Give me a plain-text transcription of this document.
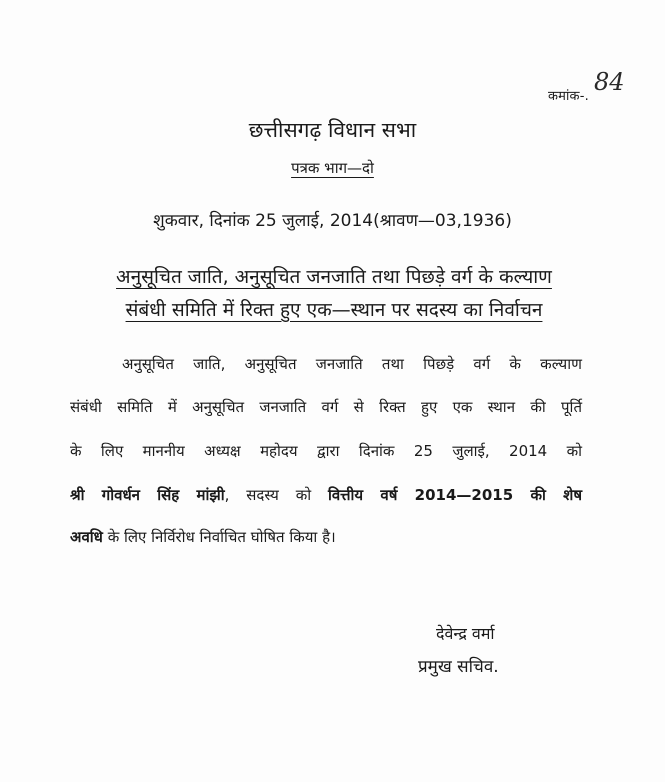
कमांक-.
84
छत्तीसगढ़ विधान सभा
पत्रक भाग—दो
शुकवार, दिनांक 25 जुलाई, 2014(श्रावण—03,1936)
अनुसूचित जाति, अनुसूचित जनजाति तथा पिछड़े वर्ग के कल्याण
संबंधी समिति में रिक्त हुए एक—स्थान पर सदस्य का निर्वाचन
अनुसूचित जाति, अनुसूचित जनजाति तथा पिछड़े वर्ग के कल्याण
संबंधी समिति में अनुसूचित जनजाति वर्ग से रिक्त हुए एक स्थान की पूर्ति
के लिए माननीय अध्यक्ष महोदय द्वारा दिनांक 25 जुलाई, 2014 को
श्री गोवर्धन सिंह मांझी, सदस्य को वित्तीय वर्ष 2014—2015 की शेष
अवधि के लिए निर्विरोध निर्वाचित घोषित किया है।
देवेन्द्र वर्मा
प्रमुख सचिव.
